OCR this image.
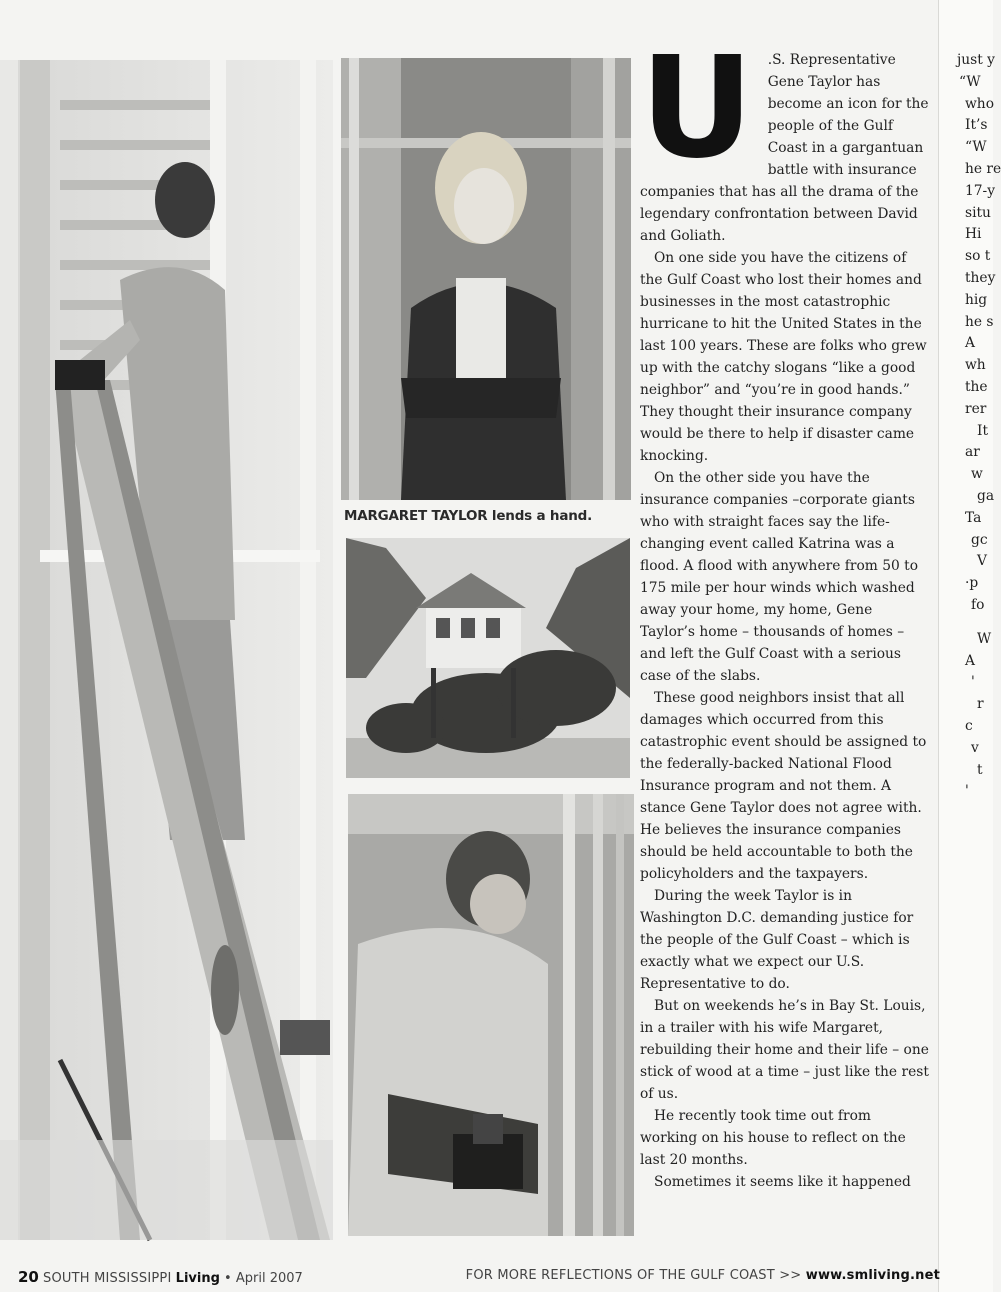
MARGARET TAYLOR lends a hand.
U	.S. Representative Gene Taylor has become an icon for the people of the Gulf Coast in a gargantuan battle with insurance companies that has all the drama of the legendary confrontation between David and Goliath.

On one side you have the citizens of the Gulf Coast who lost their homes and businesses in the most catastrophic hurricane to hit the United States in the last 100 years. These are folks who grew up with the catchy slogans “like a good neighbor” and “you’re in good hands.” They thought their insurance company would be there to help if disaster came knocking.

On the other side you have the insurance companies –corporate giants who with straight faces say the life-changing event called Katrina was a flood. A flood with anywhere from 50 to 175 mile per hour winds which washed away your home, my home, Gene Taylor’s home – thousands of homes – and left the Gulf Coast with a serious case of the slabs.

These good neighbors insist that all damages which occurred from this catastrophic event should be assigned to the federally-backed National Flood Insurance program and not them. A stance Gene Taylor does not agree with. He believes the insurance companies should be held accountable to both the policyholders and the taxpayers.

During the week Taylor is in Washington D.C. demanding justice for the people of the Gulf Coast – which is exactly what we expect our U.S. Representative to do.

But on weekends he’s in Bay St. Louis, in a trailer with his wife Margaret, rebuilding their home and their life – one stick of wood at a time – just like the rest of us.

He recently took time out from working on his house to reflect on the last 20 months.

Sometimes it seems like it happened

just y
“W
who
It’s
“W
he re
17-y
situ
Hi
so t
they
hig
he s
A
wh
the
rer
It
ar
w
ga
Ta
gc
V
·p
fo
W
A
'
r
c
v
t
'
20 SOUTH MISSISSIPPI Living • April 2007	FOR MORE REFLECTIONS OF THE GULF COAST >> www.smliving.net
